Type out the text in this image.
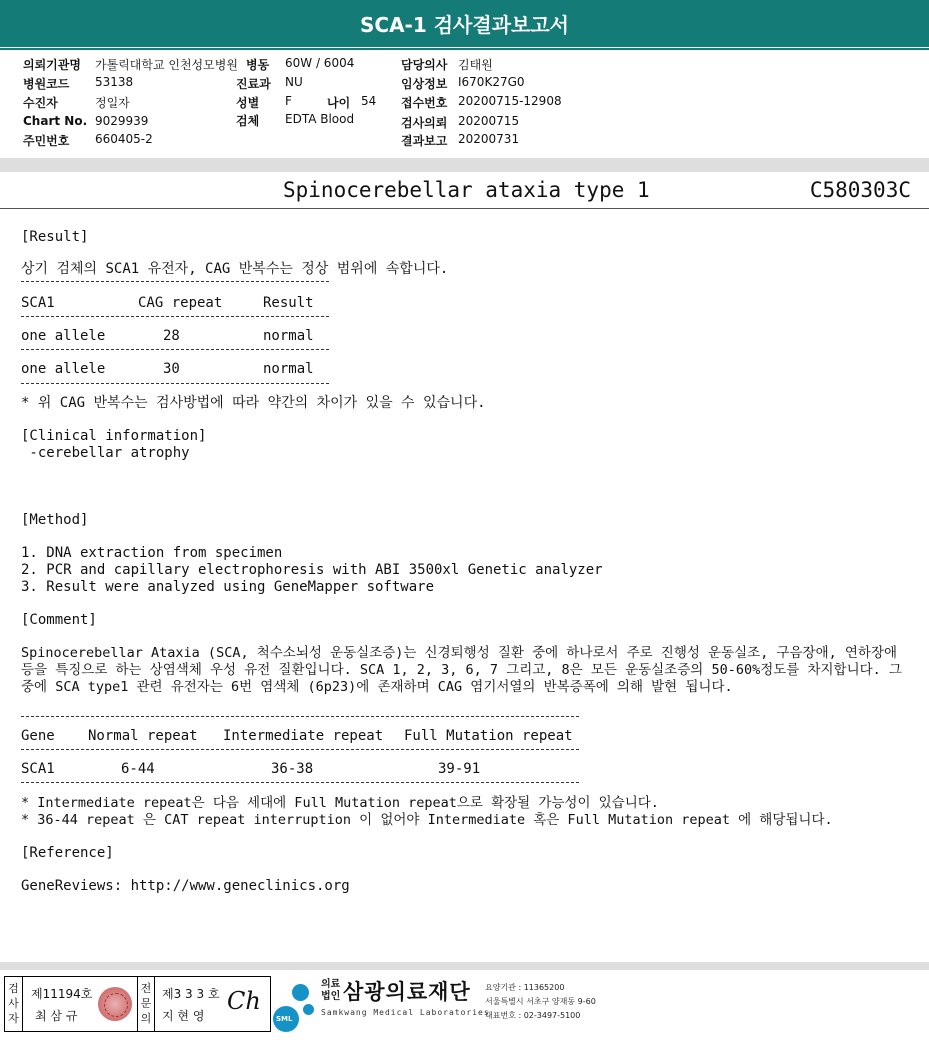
SCA-1 검사결과보고서
의뢰기관명 가톨릭대학교 인천성모병원 병동 60W / 6004	담당의사 김태원
병원코드 53138	진료과 NU	임상정보 I670K27G0
수진자	정일자	성별 F	나이 54 접수번호 20200715-12908
Chart No. 9029939	검체 EDTA Blood	검사의뢰 20200715
주민번호 660405-2	결과보고 20200731
Spinocerebellar ataxia type 1	C580303C
[Result]
상기 검체의 SCA1 유전자, CAG 반복수는 정상 범위에 속합니다.
SCA1	CAG repeat	Result
one allele	28	normal
one allele	30	normal
* 위 CAG 반복수는 검사방법에 따라 약간의 차이가 있을 수 있습니다.
[Clinical information]
-cerebellar atrophy
[Method]
1. DNA extraction from specimen
2. PCR and capillary electrophoresis with ABI 3500xl Genetic analyzer
3. Result were analyzed using GeneMapper software
[Comment]
Spinocerebellar Ataxia (SCA, 척수소뇌성 운동실조증)는 신경퇴행성 질환 중에 하나로서 주로 진행성 운동실조, 구음장애, 연하장애 등을 특징으로 하는 상염색체 우성 유전 질환입니다. SCA 1, 2, 3, 6, 7 그리고, 8은 모든 운동실조증의 50-60%정도를 차지합니다. 그중에 SCA type1 관련 유전자는 6번 염색체 (6p23)에 존재하며 CAG 염기서열의 반복증폭에 의해 발현 됩니다.
Gene Normal repeat Intermediate repeat Full Mutation repeat
SCA1	6-44	36-38	39-91
* Intermediate repeat은 다음 세대에 Full Mutation repeat으로 확장될 가능성이 있습니다.
* 36-44 repeat 은 CAT repeat interruption 이 없어야 Intermediate 혹은 Full Mutation repeat 에 해당됩니다.
[Reference]
GeneReviews: http://www.geneclinics.org
검
사
자
제11194호
최 삼 규
전
문
의
제3 3 3 호
지 현 영
Ch
SML
의료
법인 삼광의료재단
Samkwang Medical Laboratories
요양기관 : 11365200
서울특별시 서초구 양재동 9-60
대표번호 : 02-3497-5100
